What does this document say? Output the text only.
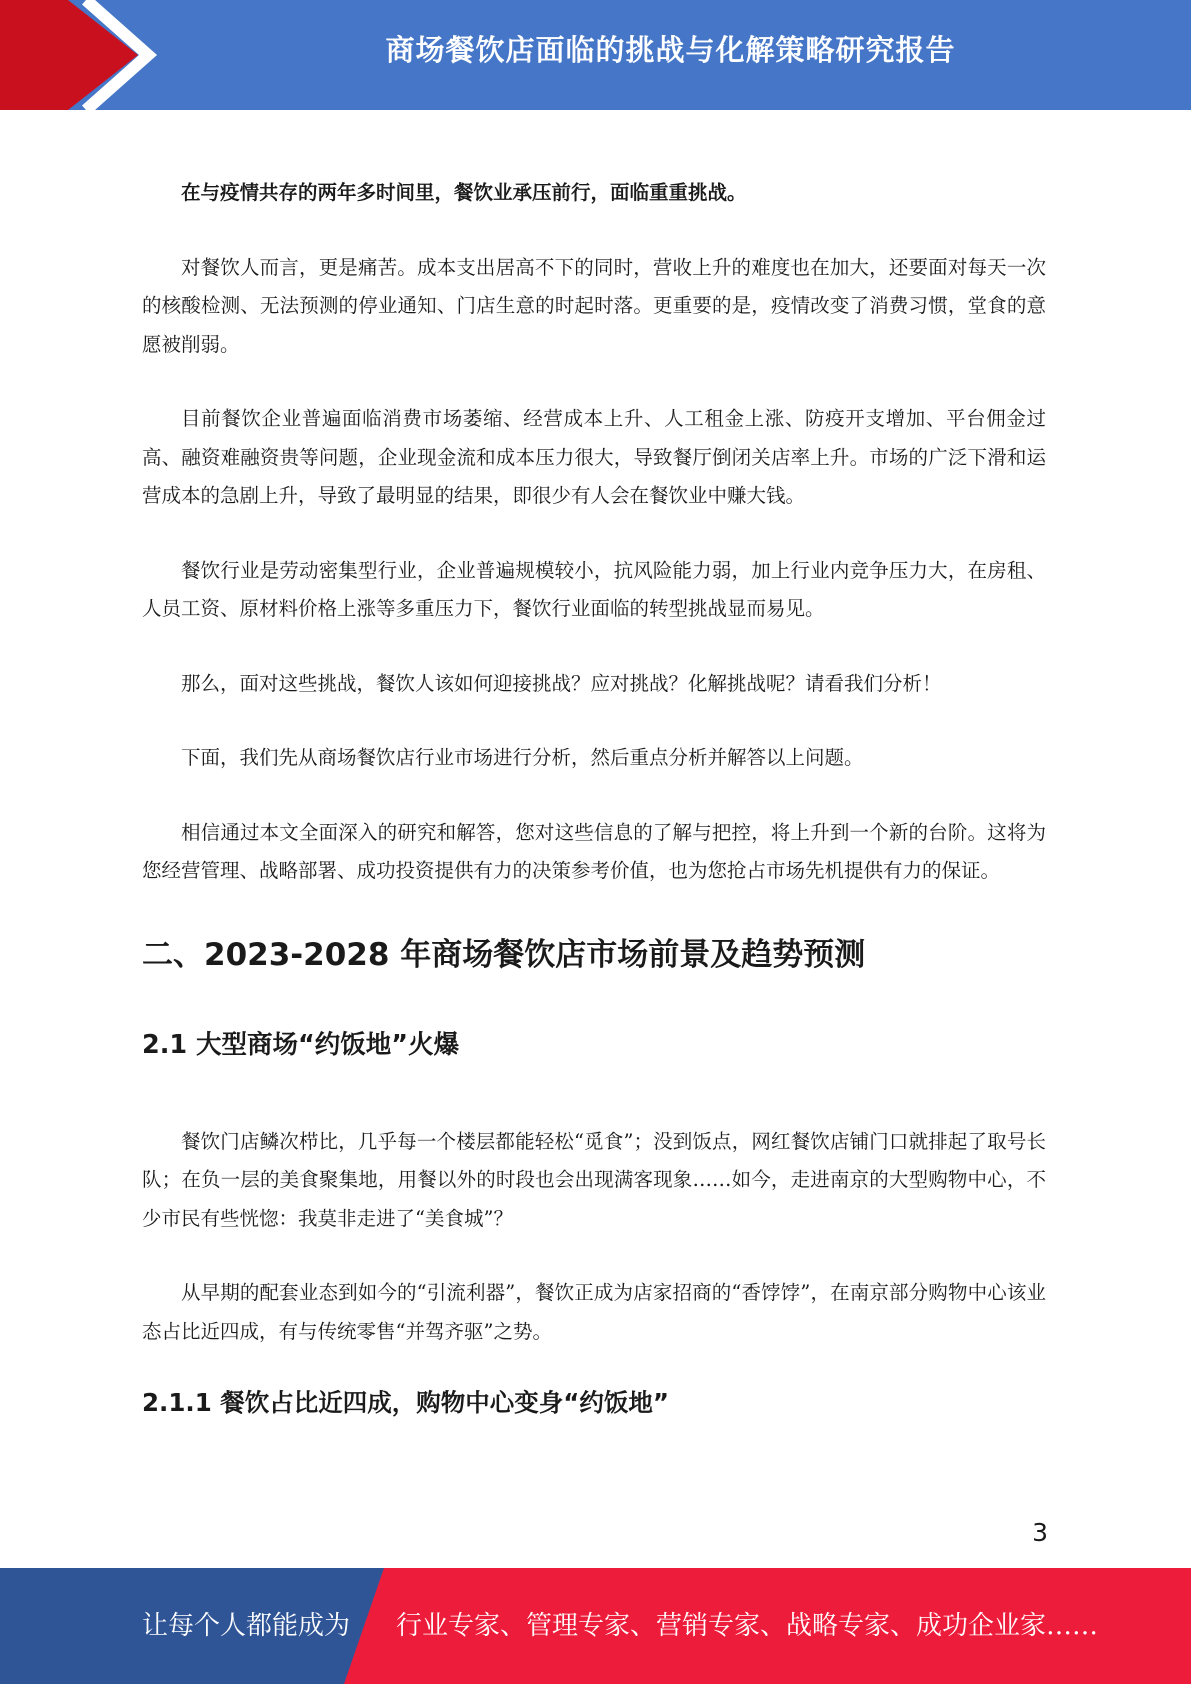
商场餐饮店面临的挑战与化解策略研究报告

在与疫情共存的两年多时间里，餐饮业承压前行，面临重重挑战。

对餐饮人而言，更是痛苦。成本支出居高不下的同时，营收上升的难度也在加大，还要面对每天一次的核酸检测、无法预测的停业通知、门店生意的时起时落。更重要的是，疫情改变了消费习惯，堂食的意愿被削弱。

目前餐饮企业普遍面临消费市场萎缩、经营成本上升、人工租金上涨、防疫开支增加、平台佣金过高、融资难融资贵等问题，企业现金流和成本压力很大，导致餐厅倒闭关店率上升。市场的广泛下滑和运营成本的急剧上升，导致了最明显的结果，即很少有人会在餐饮业中赚大钱。

餐饮行业是劳动密集型行业，企业普遍规模较小，抗风险能力弱，加上行业内竞争压力大，在房租、人员工资、原材料价格上涨等多重压力下，餐饮行业面临的转型挑战显而易见。

那么，面对这些挑战，餐饮人该如何迎接挑战？应对挑战？化解挑战呢？请看我们分析！

下面，我们先从商场餐饮店行业市场进行分析，然后重点分析并解答以上问题。

相信通过本文全面深入的研究和解答，您对这些信息的了解与把控，将上升到一个新的台阶。这将为您经营管理、战略部署、成功投资提供有力的决策参考价值，也为您抢占市场先机提供有力的保证。

二、2023-2028 年商场餐饮店市场前景及趋势预测
2.1 大型商场“约饭地”火爆

餐饮门店鳞次栉比，几乎每一个楼层都能轻松“觅食”；没到饭点，网红餐饮店铺门口就排起了取号长队；在负一层的美食聚集地，用餐以外的时段也会出现满客现象……如今，走进南京的大型购物中心，不少市民有些恍惚：我莫非走进了“美食城”？

从早期的配套业态到如今的“引流利器”，餐饮正成为店家招商的“香饽饽”，在南京部分购物中心该业态占比近四成，有与传统零售“并驾齐驱”之势。

2.1.1 餐饮占比近四成，购物中心变身“约饭地”
3
让每个人都能成为 行业专家、管理专家、营销专家、战略专家、成功企业家……
